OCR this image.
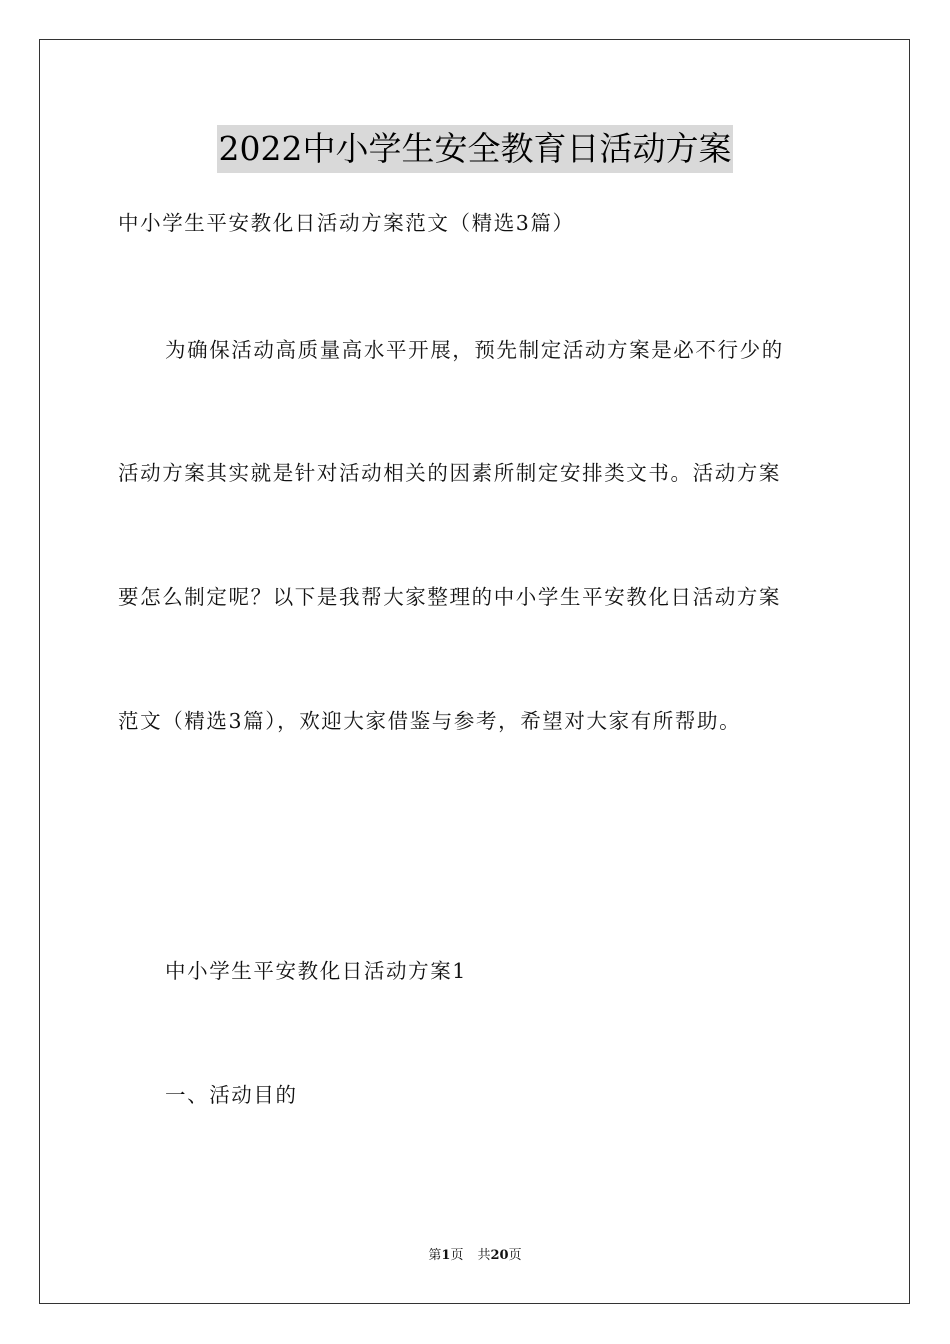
2022中小学生安全教育日活动方案
中小学生平安教化日活动方案范文（精选3篇）
为确保活动高质量高水平开展，预先制定活动方案是必不行少的
活动方案其实就是针对活动相关的因素所制定安排类文书。活动方案
要怎么制定呢？以下是我帮大家整理的中小学生平安教化日活动方案
范文（精选3篇），欢迎大家借鉴与参考，希望对大家有所帮助。
中小学生平安教化日活动方案1
一、活动目的
第1页 共20页
